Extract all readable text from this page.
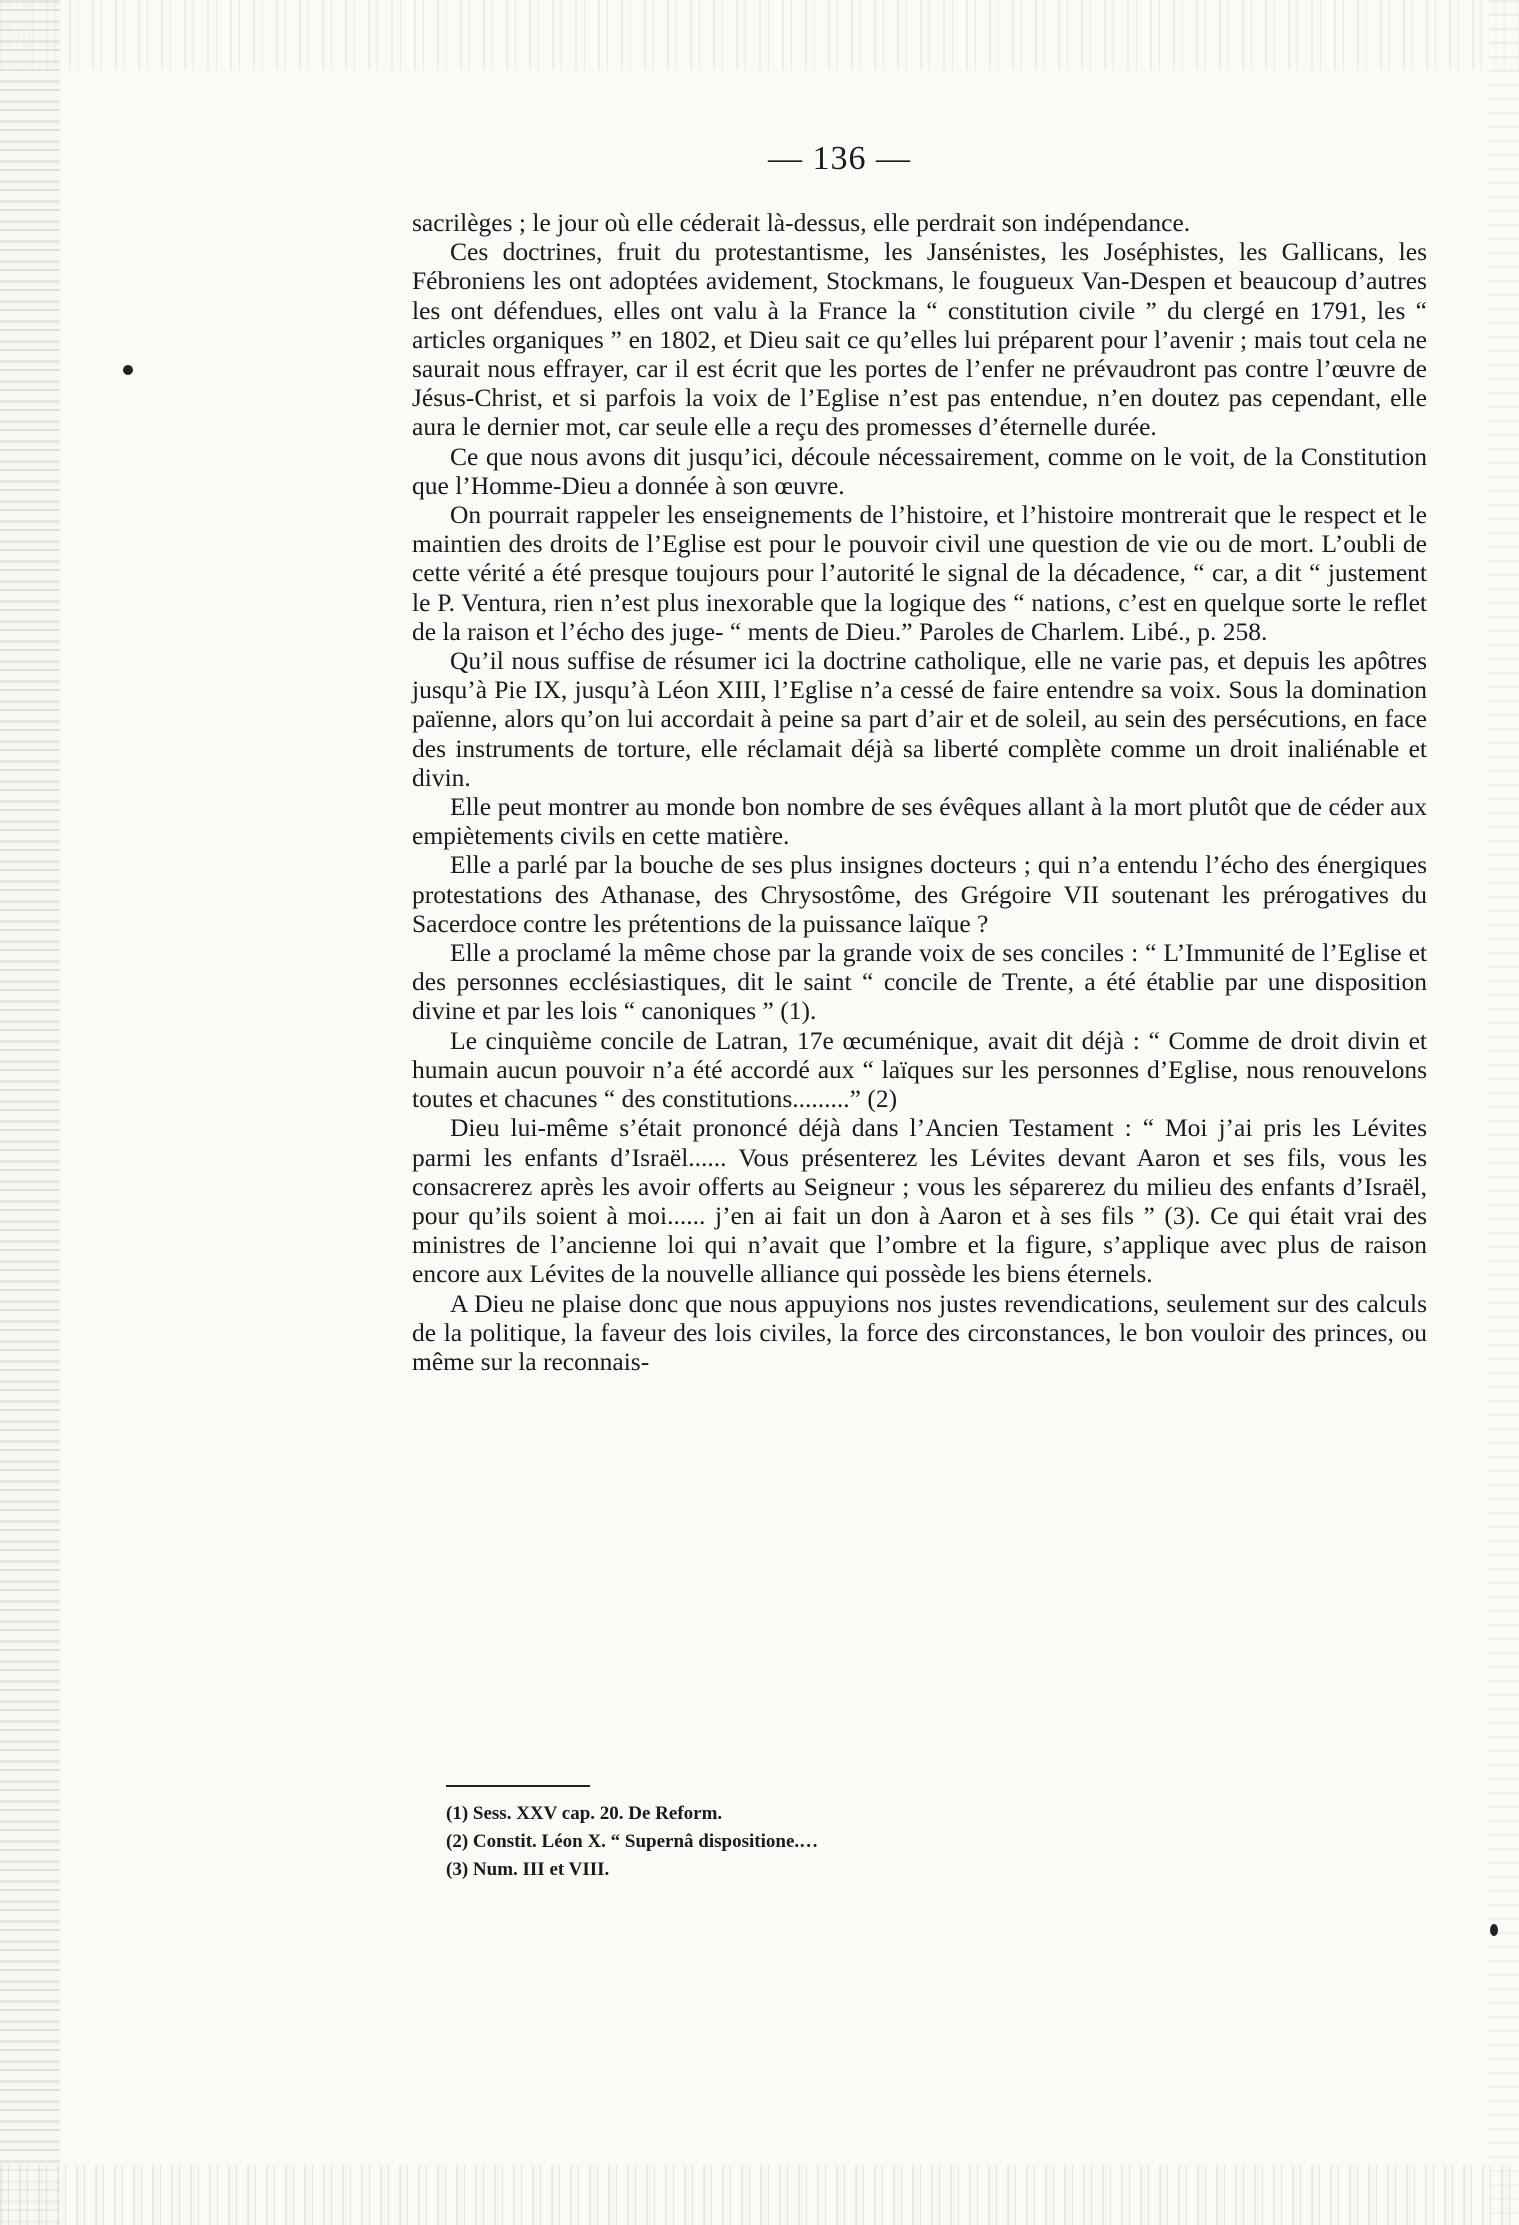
— 136 —

sacrilèges ; le jour où elle céderait là-dessus, elle perdrait son indépendance.

Ces doctrines, fruit du protestantisme, les Jansénistes, les Joséphistes, les Gallicans, les Fébroniens les ont adoptées avidement, Stockmans, le fougueux Van-Despen et beaucoup d’autres les ont défendues, elles ont valu à la France la “ constitution civile ” du clergé en 1791, les “ articles organiques ” en 1802, et Dieu sait ce qu’elles lui préparent pour l’avenir ; mais tout cela ne saurait nous effrayer, car il est écrit que les portes de l’enfer ne prévaudront pas contre l’œuvre de Jésus-Christ, et si parfois la voix de l’Eglise n’est pas entendue, n’en doutez pas cependant, elle aura le dernier mot, car seule elle a reçu des promesses d’éternelle durée.

Ce que nous avons dit jusqu’ici, découle nécessairement, comme on le voit, de la Constitution que l’Homme-Dieu a donnée à son œuvre.

On pourrait rappeler les enseignements de l’histoire, et l’histoire montrerait que le respect et le maintien des droits de l’Eglise est pour le pouvoir civil une question de vie ou de mort. L’oubli de cette vérité a été presque toujours pour l’autorité le signal de la décadence, “ car, a dit “ justement le P. Ventura, rien n’est plus inexorable que la logique des “ nations, c’est en quelque sorte le reflet de la raison et l’écho des juge- “ ments de Dieu.” Paroles de Charlem. Libé., p. 258.

Qu’il nous suffise de résumer ici la doctrine catholique, elle ne varie pas, et depuis les apôtres jusqu’à Pie IX, jusqu’à Léon XIII, l’Eglise n’a cessé de faire entendre sa voix. Sous la domination païenne, alors qu’on lui accordait à peine sa part d’air et de soleil, au sein des persécutions, en face des instruments de torture, elle réclamait déjà sa liberté complète comme un droit inaliénable et divin.

Elle peut montrer au monde bon nombre de ses évêques allant à la mort plutôt que de céder aux empiètements civils en cette matière.

Elle a parlé par la bouche de ses plus insignes docteurs ; qui n’a entendu l’écho des énergiques protestations des Athanase, des Chrysostôme, des Grégoire VII soutenant les prérogatives du Sacerdoce contre les prétentions de la puissance laïque ?

Elle a proclamé la même chose par la grande voix de ses conciles : “ L’Immunité de l’Eglise et des personnes ecclésiastiques, dit le saint “ concile de Trente, a été établie par une disposition divine et par les lois “ canoniques ” (1).

Le cinquième concile de Latran, 17e œcuménique, avait dit déjà : “ Comme de droit divin et humain aucun pouvoir n’a été accordé aux “ laïques sur les personnes d’Eglise, nous renouvelons toutes et chacunes “ des constitutions.........” (2)

Dieu lui-même s’était prononcé déjà dans l’Ancien Testament : “ Moi j’ai pris les Lévites parmi les enfants d’Israël...... Vous présenterez les Lévites devant Aaron et ses fils, vous les consacrerez après les avoir offerts au Seigneur ; vous les séparerez du milieu des enfants d’Israël, pour qu’ils soient à moi...... j’en ai fait un don à Aaron et à ses fils ” (3). Ce qui était vrai des ministres de l’ancienne loi qui n’avait que l’ombre et la figure, s’applique avec plus de raison encore aux Lévites de la nouvelle alliance qui possède les biens éternels.

A Dieu ne plaise donc que nous appuyions nos justes revendications, seulement sur des calculs de la politique, la faveur des lois civiles, la force des circonstances, le bon vouloir des princes, ou même sur la reconnais-

(1) Sess. XXV cap. 20. De Reform.
(2) Constit. Léon X. “ Supernâ dispositione.…
(3) Num. III et VIII.
